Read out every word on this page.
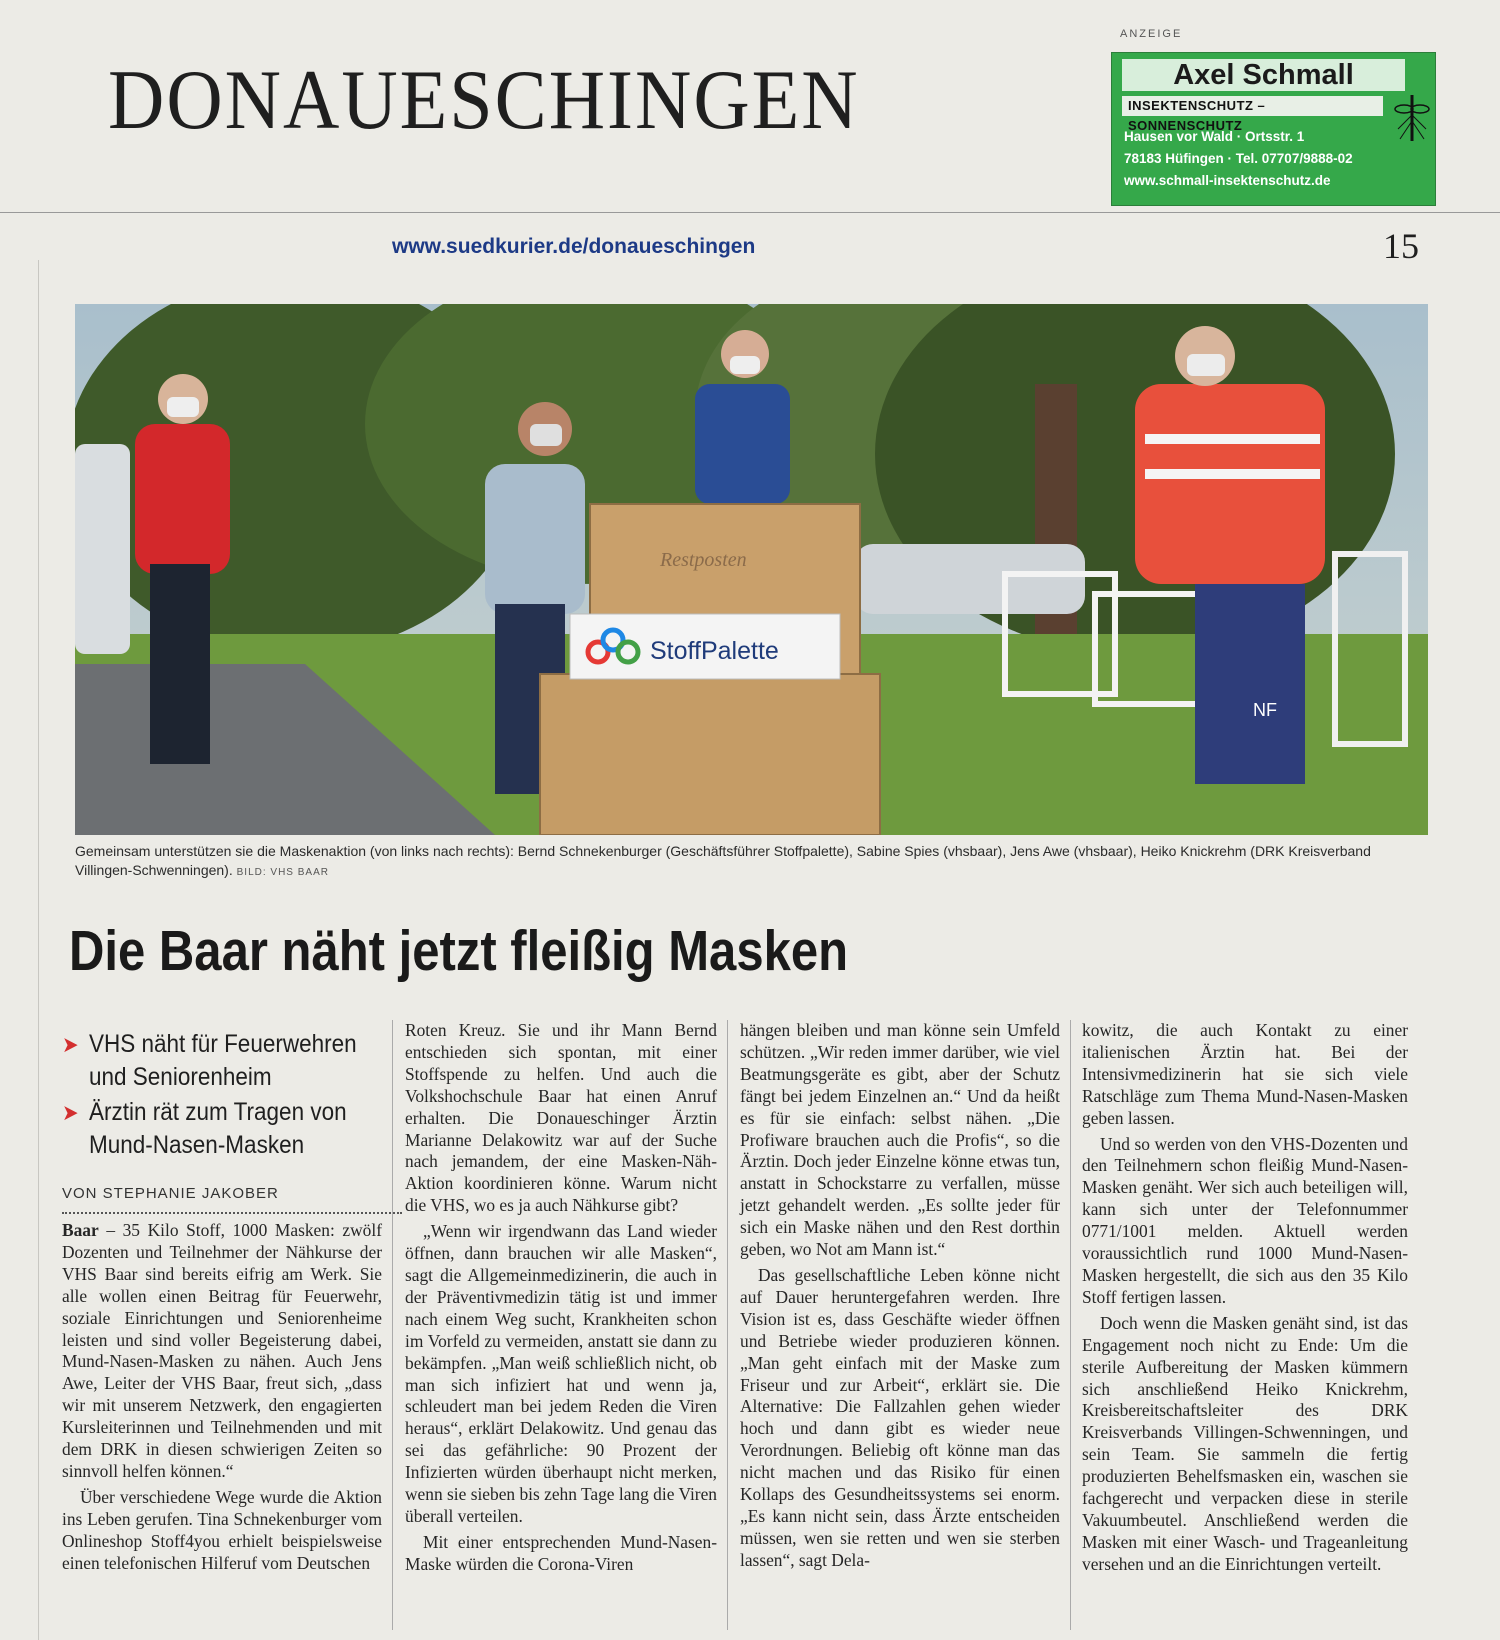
DONAUESCHINGEN
ANZEIGE
Axel Schmall
INSEKTENSCHUTZ – SONNENSCHUTZ
Hausen vor Wald · Ortsstr. 1
78183 Hüfingen · Tel. 07707/9888-02
www.schmall-insektenschutz.de
www.suedkurier.de/donaueschingen	15
NF
Restposten
StoffPalette
Gemeinsam unterstützen sie die Maskenaktion (von links nach rechts): Bernd Schnekenburger (Geschäftsführer Stoffpalette), Sabine Spies (vhsbaar), Jens Awe (vhsbaar), Heiko Knickrehm (DRK Kreisverband Villingen-Schwenningen). BILD: VHS BAAR
Die Baar näht jetzt fleißig Masken
➤ VHS näht für Feuerwehren und Seniorenheim
➤ Ärztin rät zum Tragen von Mund-Nasen-Masken
VON STEPHANIE JAKOBER

Baar – 35 Kilo Stoff, 1000 Masken: zwölf Dozenten und Teilnehmer der Nähkurse der VHS Baar sind bereits eifrig am Werk. Sie alle wollen einen Beitrag für Feuerwehr, soziale Einrichtungen und Seniorenheime leisten und sind voller Begeisterung dabei, Mund-Nasen-Masken zu nähen. Auch Jens Awe, Leiter der VHS Baar, freut sich, „dass wir mit unserem Netzwerk, den engagierten Kursleiterinnen und Teilnehmenden und mit dem DRK in diesen schwierigen Zeiten so sinnvoll helfen können.“

Über verschiedene Wege wurde die Aktion ins Leben gerufen. Tina Schnekenburger vom Onlineshop Stoff4you erhielt beispielsweise einen telefonischen Hilferuf vom Deutschen

Roten Kreuz. Sie und ihr Mann Bernd entschieden sich spontan, mit einer Stoffspende zu helfen. Und auch die Volkshochschule Baar hat einen Anruf erhalten. Die Donaueschinger Ärztin Marianne Delakowitz war auf der Suche nach jemandem, der eine Masken-Näh-Aktion koordinieren könne. Warum nicht die VHS, wo es ja auch Nähkurse gibt?

„Wenn wir irgendwann das Land wieder öffnen, dann brauchen wir alle Masken“, sagt die Allgemeinmedizinerin, die auch in der Präventivmedizin tätig ist und immer nach einem Weg sucht, Krankheiten schon im Vorfeld zu vermeiden, anstatt sie dann zu bekämpfen. „Man weiß schließlich nicht, ob man sich infiziert hat und wenn ja, schleudert man bei jedem Reden die Viren heraus“, erklärt Delakowitz. Und genau das sei das gefährliche: 90 Prozent der Infizierten würden überhaupt nicht merken, wenn sie sieben bis zehn Tage lang die Viren überall verteilen.

Mit einer entsprechenden Mund-Nasen-Maske würden die Corona-Viren

hängen bleiben und man könne sein Umfeld schützen. „Wir reden immer darüber, wie viel Beatmungsgeräte es gibt, aber der Schutz fängt bei jedem Einzelnen an.“ Und da heißt es für sie einfach: selbst nähen. „Die Profiware brauchen auch die Profis“, so die Ärztin. Doch jeder Einzelne könne etwas tun, anstatt in Schockstarre zu verfallen, müsse jetzt gehandelt werden. „Es sollte jeder für sich ein Maske nähen und den Rest dorthin geben, wo Not am Mann ist.“

Das gesellschaftliche Leben könne nicht auf Dauer heruntergefahren werden. Ihre Vision ist es, dass Geschäfte wieder öffnen und Betriebe wieder produzieren können. „Man geht einfach mit der Maske zum Friseur und zur Arbeit“, erklärt sie. Die Alternative: Die Fallzahlen gehen wieder hoch und dann gibt es wieder neue Verordnungen. Beliebig oft könne man das nicht machen und das Risiko für einen Kollaps des Gesundheitssystems sei enorm. „Es kann nicht sein, dass Ärzte entscheiden müssen, wen sie retten und wen sie sterben lassen“, sagt Dela-

kowitz, die auch Kontakt zu einer italienischen Ärztin hat. Bei der Intensivmedizinerin hat sie sich viele Ratschläge zum Thema Mund-Nasen-Masken geben lassen.

Und so werden von den VHS-Dozenten und den Teilnehmern schon fleißig Mund-Nasen-Masken genäht. Wer sich auch beteiligen will, kann sich unter der Telefonnummer 0771/1001 melden. Aktuell werden voraussichtlich rund 1000 Mund-Nasen-Masken hergestellt, die sich aus den 35 Kilo Stoff fertigen lassen.

Doch wenn die Masken genäht sind, ist das Engagement noch nicht zu Ende: Um die sterile Aufbereitung der Masken kümmern sich anschließend Heiko Knickrehm, Kreisbereitschaftsleiter des DRK Kreisverbands Villingen-Schwenningen, und sein Team. Sie sammeln die fertig produzierten Behelfsmasken ein, waschen sie fachgerecht und verpacken diese in sterile Vakuumbeutel. Anschließend werden die Masken mit einer Wasch- und Trageanleitung versehen und an die Einrichtungen verteilt.
